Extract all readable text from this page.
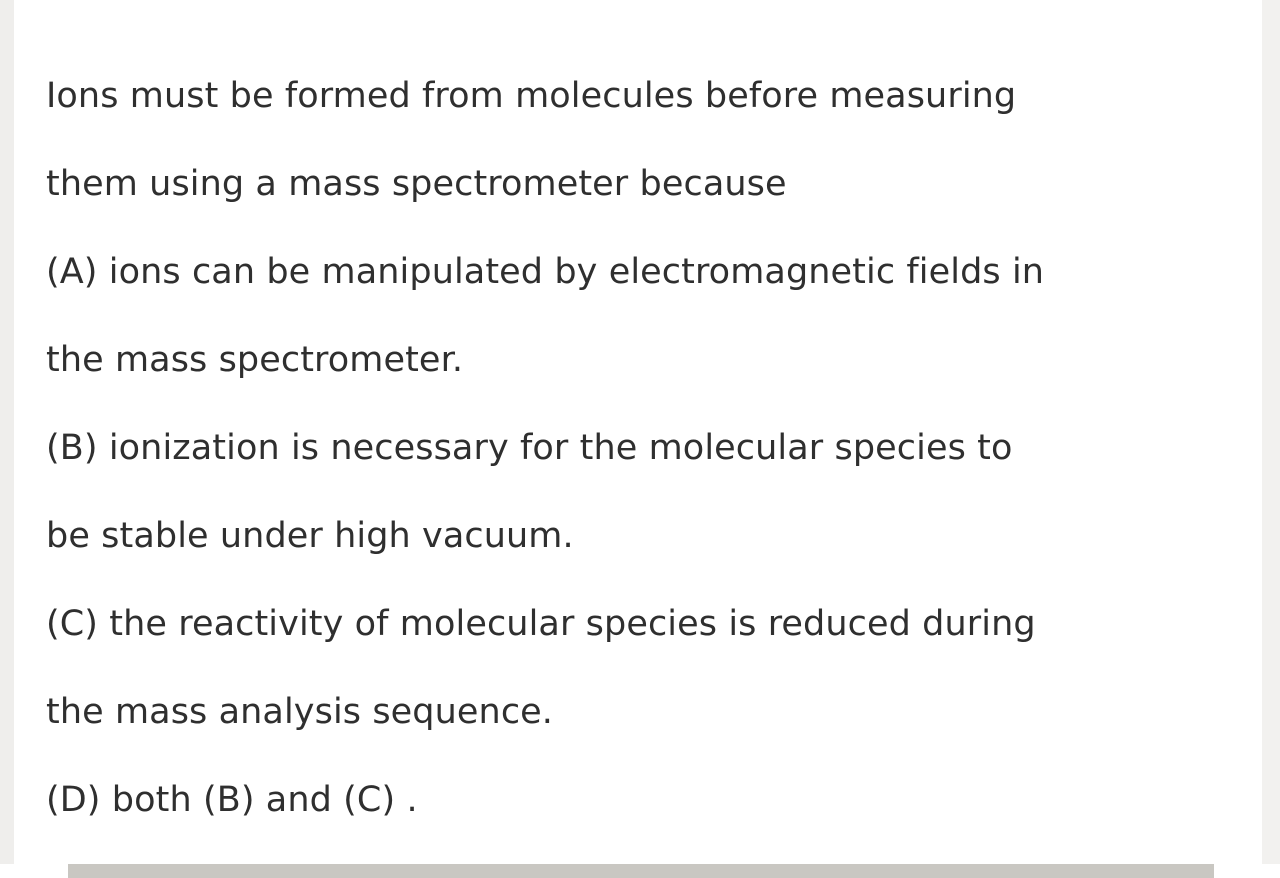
Ions must be formed from molecules before measuring
them using a mass spectrometer because
(A) ions can be manipulated by electromagnetic fields in
the mass spectrometer.
(B) ionization is necessary for the molecular species to
be stable under high vacuum.
(C) the reactivity of molecular species is reduced during
the mass analysis sequence.
(D) both (B) and (C) .
